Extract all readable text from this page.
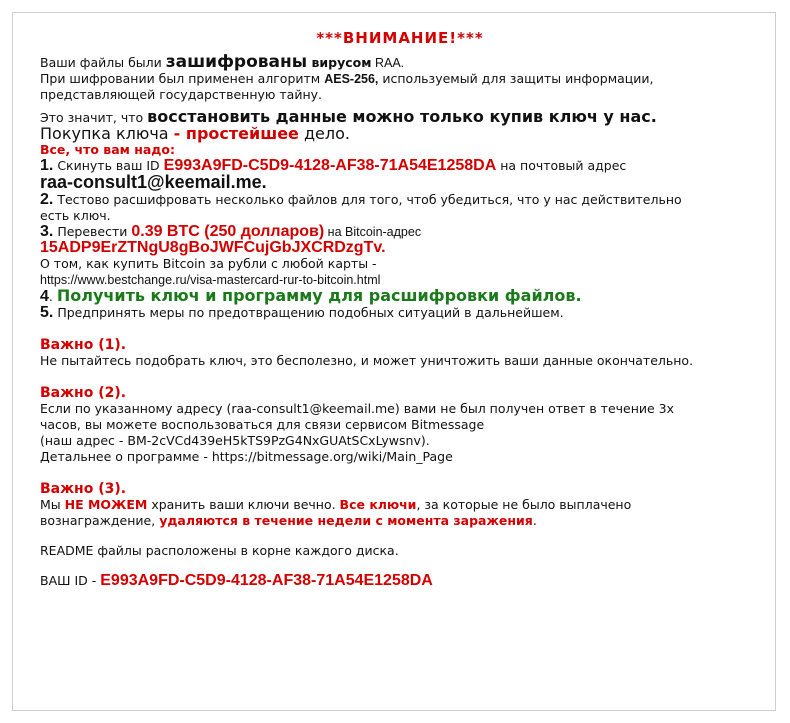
***ВНИМАНИЕ!***

Ваши файлы были зашифрованы вирусом RAA.

При шифровании был применен алгоритм AES-256, используемый для защиты информации,

представляющей государственную тайну.

Это значит, что восстановить данные можно только купив ключ у нас.

Покупка ключа - простейшее дело.

Все, что вам надо:

1. Скинуть ваш ID E993A9FD-C5D9-4128-AF38-71A54E1258DA на почтовый адрес

raa-consult1@keemail.me.

2. Тестово расшифровать несколько файлов для того, чтоб убедиться, что у нас действительно

есть ключ.

3. Перевести 0.39 BTC (250 долларов) на Bitcoin-адрес

15ADP9ErZTNgU8gBoJWFCujGbJXCRDzgTv.

О том, как купить Bitcoin за рубли с любой карты -

https://www.bestchange.ru/visa-mastercard-rur-to-bitcoin.html

4. Получить ключ и программу для расшифровки файлов.

5. Предпринять меры по предотвращению подобных ситуаций в дальнейшем.

Важно (1).

Не пытайтесь подобрать ключ, это бесполезно, и может уничтожить ваши данные окончательно.

Важно (2).

Если по указанному адресу (raa-consult1@keemail.me) вами не был получен ответ в течение 3х

часов, вы можете воспользоваться для связи сервисом Bitmessage

(наш адрес - BM-2cVCd439eH5kTS9PzG4NxGUAtSCxLywsnv).

Детальнее о программе - https://bitmessage.org/wiki/Main_Page

Важно (3).

Мы НЕ МОЖЕМ хранить ваши ключи вечно. Все ключи, за которые не было выплачено

вознаграждение, удаляются в течение недели с момента заражения.

README файлы расположены в корне каждого диска.

ВАШ ID - E993A9FD-C5D9-4128-AF38-71A54E1258DA
